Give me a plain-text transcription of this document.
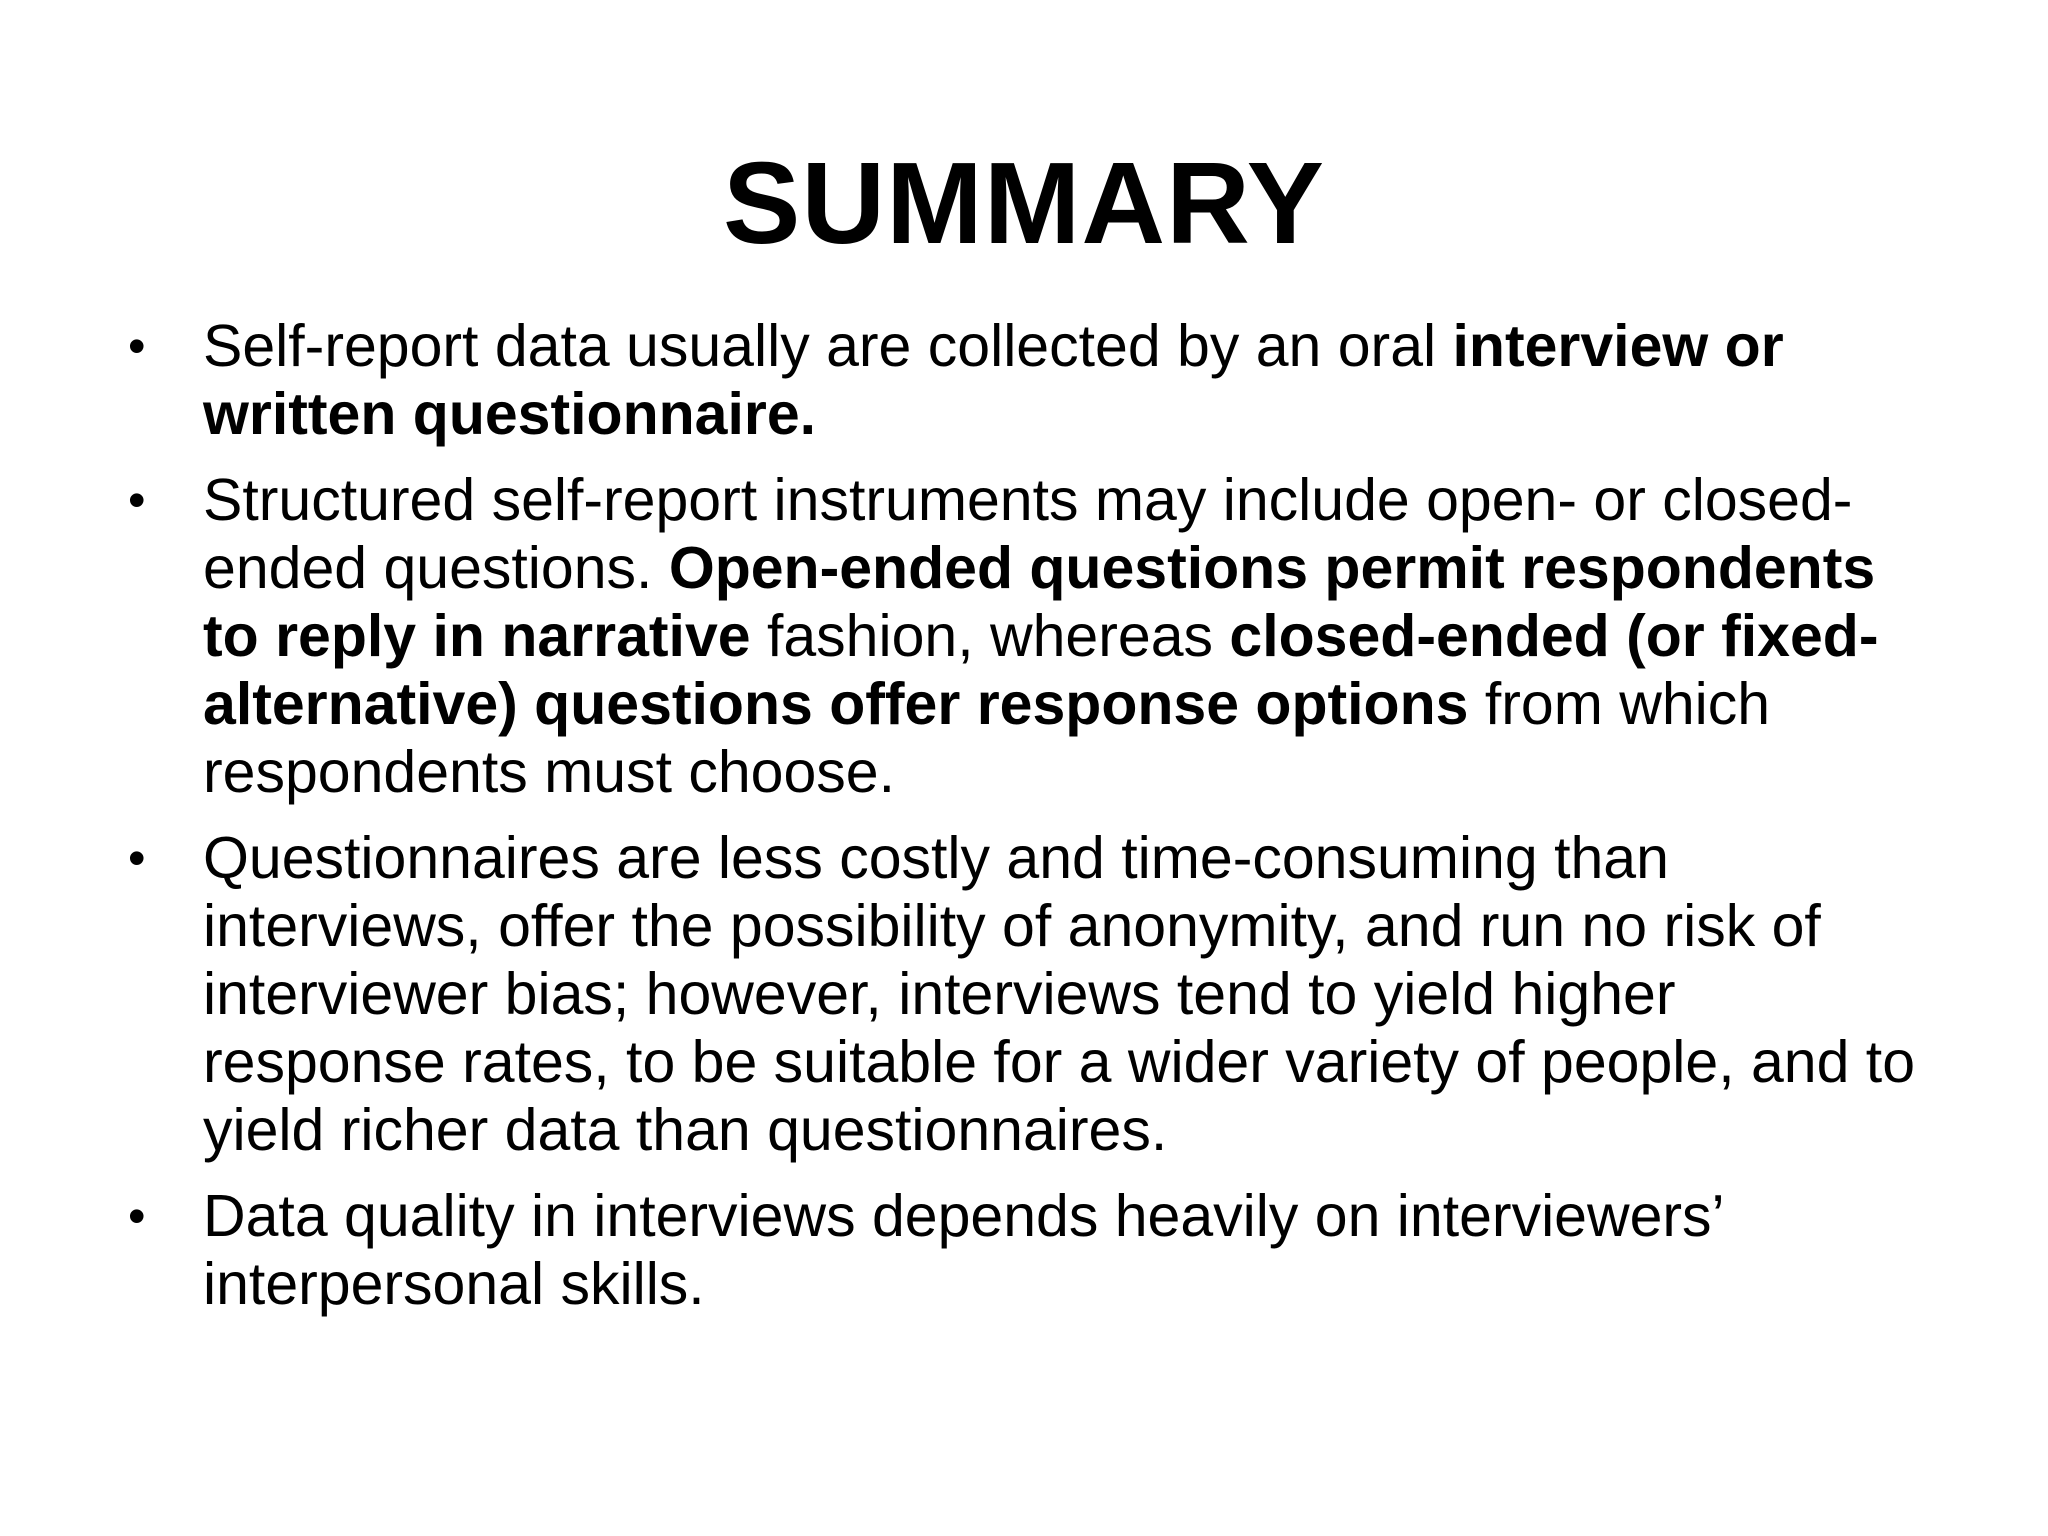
SUMMARY
• Self-report data usually are collected by an oral interview or written questionnaire.
• Structured self-report instruments may include open- or closed-ended questions. Open-ended questions permit respondents to reply in narrative fashion, whereas closed-ended (or fixed-alternative) questions offer response options from which respondents must choose.
• Questionnaires are less costly and time-consuming than interviews, offer the possibility of anonymity, and run no risk of interviewer bias; however, interviews tend to yield higher response rates, to be suitable for a wider variety of people, and to yield richer data than questionnaires.
• Data quality in interviews depends heavily on interviewers’ interpersonal skills.
